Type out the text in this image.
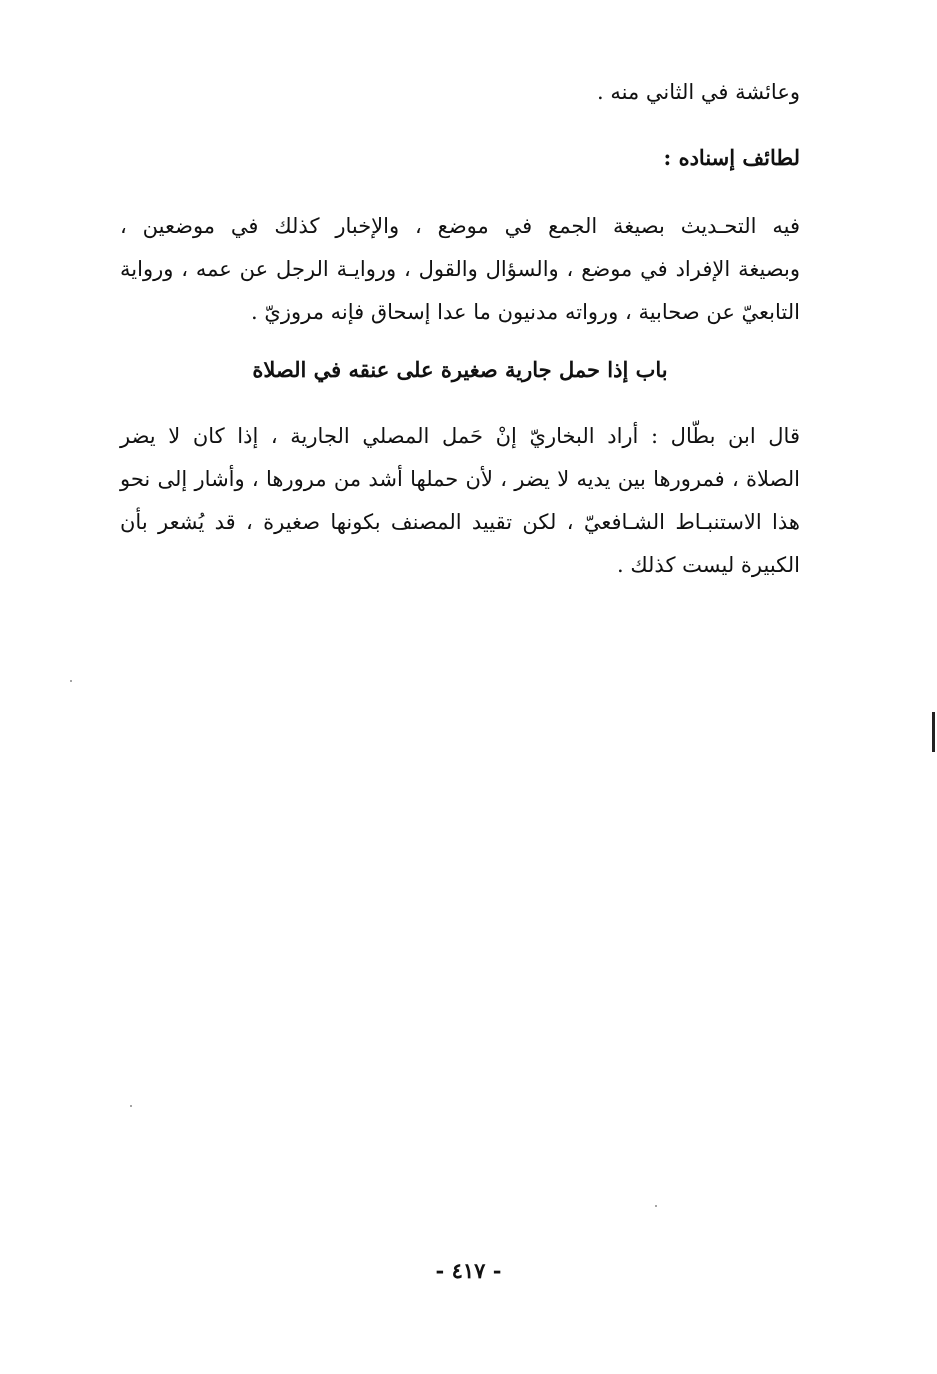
وعائشة في الثاني منه .
لطائف إسناده :
فيه التحـديث بصيغة الجمع في موضع ، والإخبار كذلك في موضعين ،
وبصيغة الإفراد في موضع ، والسؤال والقول ، وروايـة الرجل عن عمه ، ورواية
التابعيّ عن صحابية ، ورواته مدنيون ما عدا إسحاق فإنه مروزيّ .
باب إذا حمل جارية صغيرة على عنقه في الصلاة
قال ابن بطّال : أراد البخاريّ إنْ حَمل المصلي الجارية ، إذا كان لا يضر
الصلاة ، فمرورها بين يديه لا يضر ، لأن حملها أشد من مرورها ، وأشار إلى نحو
هذا الاستنبـاط الشـافعيّ ، لكن تقييد المصنف بكونها صغيرة ، قد يُشعر بأن
الكبيرة ليست كذلك .
- ٤١٧ -
